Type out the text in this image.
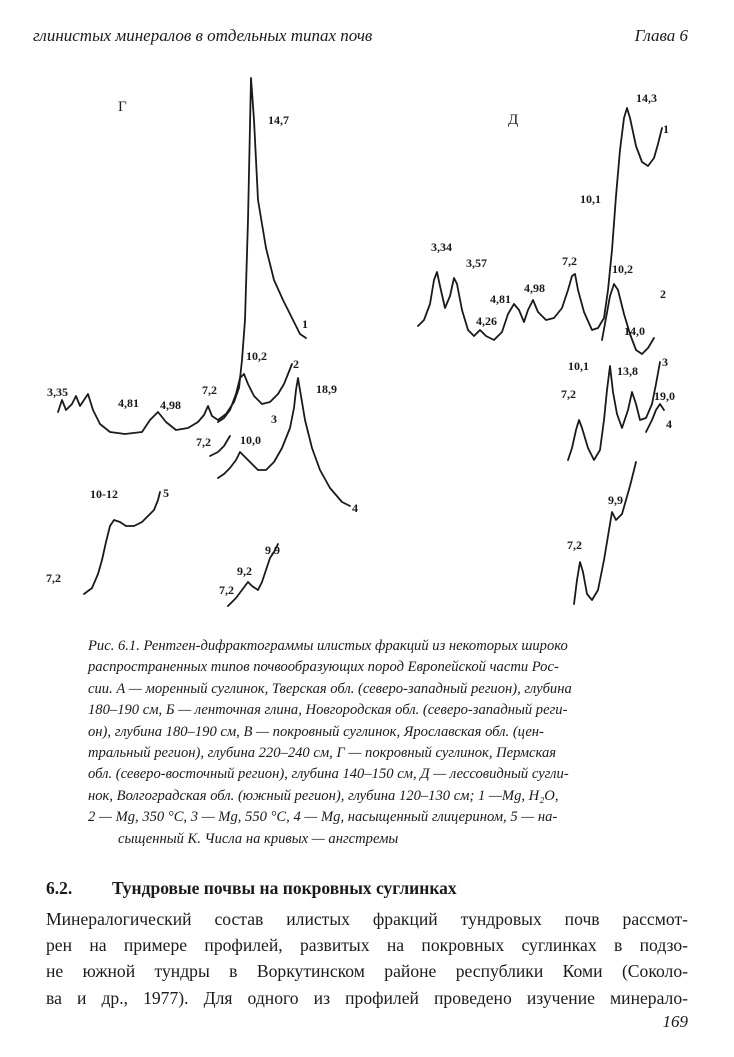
глинистых минералов в отдельных типах почв	Глава 6
Г
14,7
1
3,35
4,81 4,98
7,2
10,2
2
18,9
3
7,2 10,0
4
10-12	5
7,2
9,9
9,2
7,2
Д
14,3
1
10,1
3,34
3,57	7,2
10,2
4,81
4,98
4,26
2
14,0
10,1 13,8
3
7,2	19,0
4
9,9
7,2
Рис. 6.1. Рентген-дифрактограммы илистых фракций из некоторых широко
распространенных типов почвообразующих пород Европейской части Рос-
сии. А — моренный суглинок, Тверская обл. (северо-западный регион), глубина
180–190 см, Б — ленточная глина, Новгородская обл. (северо-западный реги-
он), глубина 180–190 см, В — покровный суглинок, Ярославская обл. (цен-
тральный регион), глубина 220–240 см, Г — покровный суглинок, Пермская
обл. (северо-восточный регион), глубина 140–150 см, Д — лессовидный сугли-
нок, Волгоградская обл. (южный регион), глубина 120–130 см; 1 —Mg, H₂O,
2 — Mg, 350 °С, 3 — Mg, 550 °С, 4 — Mg, насыщенный глицерином, 5 — на-
сыщенный К. Числа на кривых — ангстремы
6.2. Тундровые почвы на покровных суглинках
Минералогический состав илистых фракций тундровых почв рассмот-
рен на примере профилей, развитых на покровных суглинках в подзо-
не южной тундры в Воркутинском районе республики Коми (Соколо-
ва и др., 1977). Для одного из профилей проведено изучение минерало-
169
